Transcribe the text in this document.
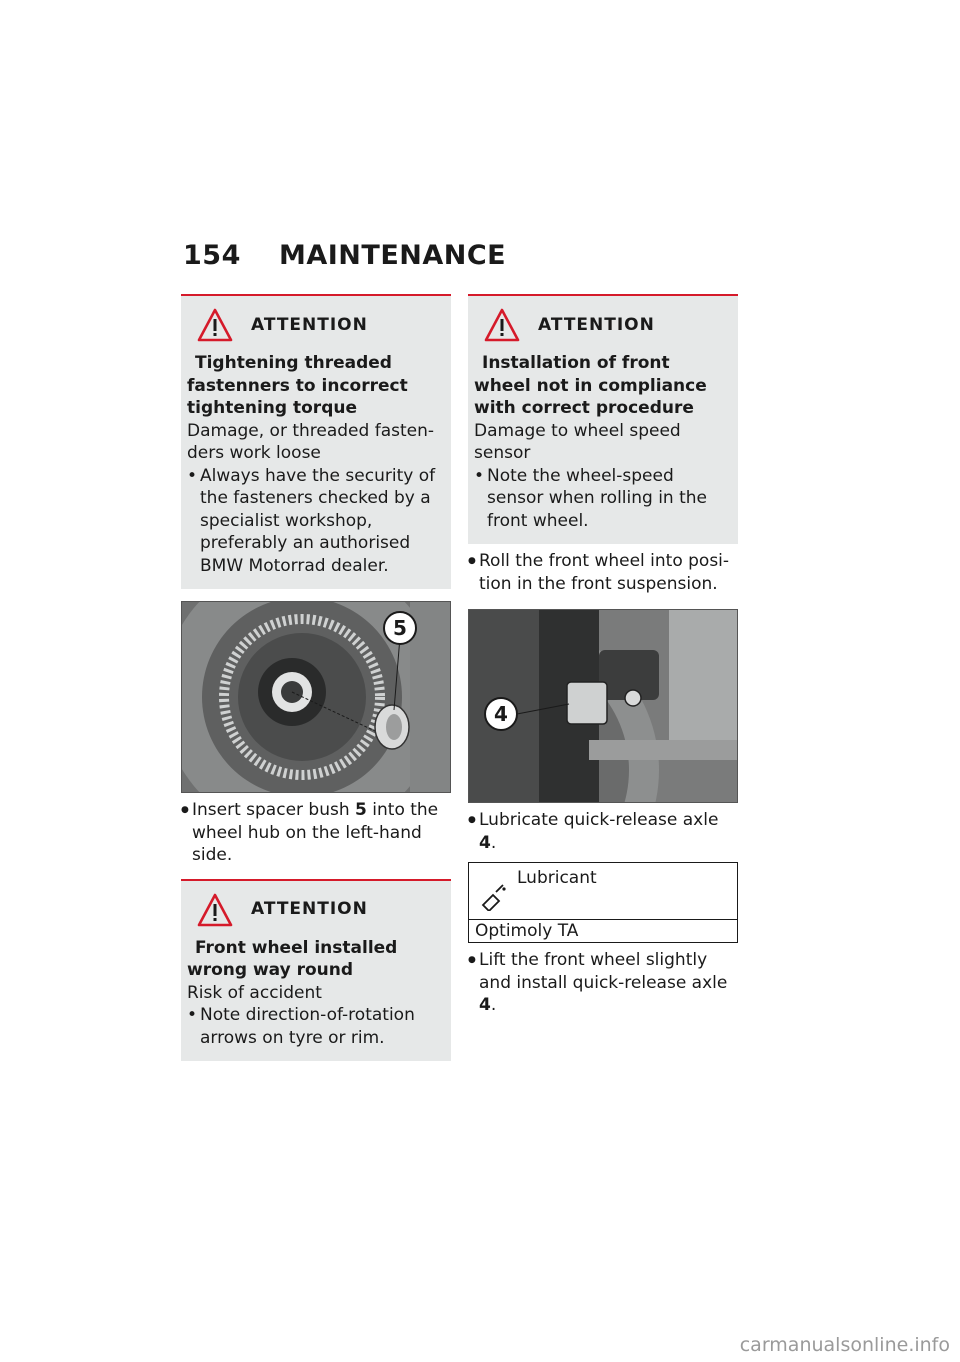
154 MAINTENANCE
ATTENTION
Tightening threaded fastenners to incorrect tightening torque
Damage, or threaded fastenders work loose
• Always have the security of the fasteners checked by a specialist workshop, preferably an authorised BMW Motorrad dealer.
5
● Insert spacer bush 5 into the wheel hub on the left-hand side.
ATTENTION
Front wheel installed wrong way round
Risk of accident
• Note direction-of-rotation arrows on tyre or rim.
ATTENTION
Installation of front wheel not in compliance with correct procedure
Damage to wheel speed sensor
• Note the wheel-speed sensor when rolling in the front wheel.
● Roll the front wheel into position in the front suspension.
4
● Lubricate quick-release axle 4.
Lubricant
Optimoly TA
● Lift the front wheel slightly and install quick-release axle 4.
carmanualsonline.info
